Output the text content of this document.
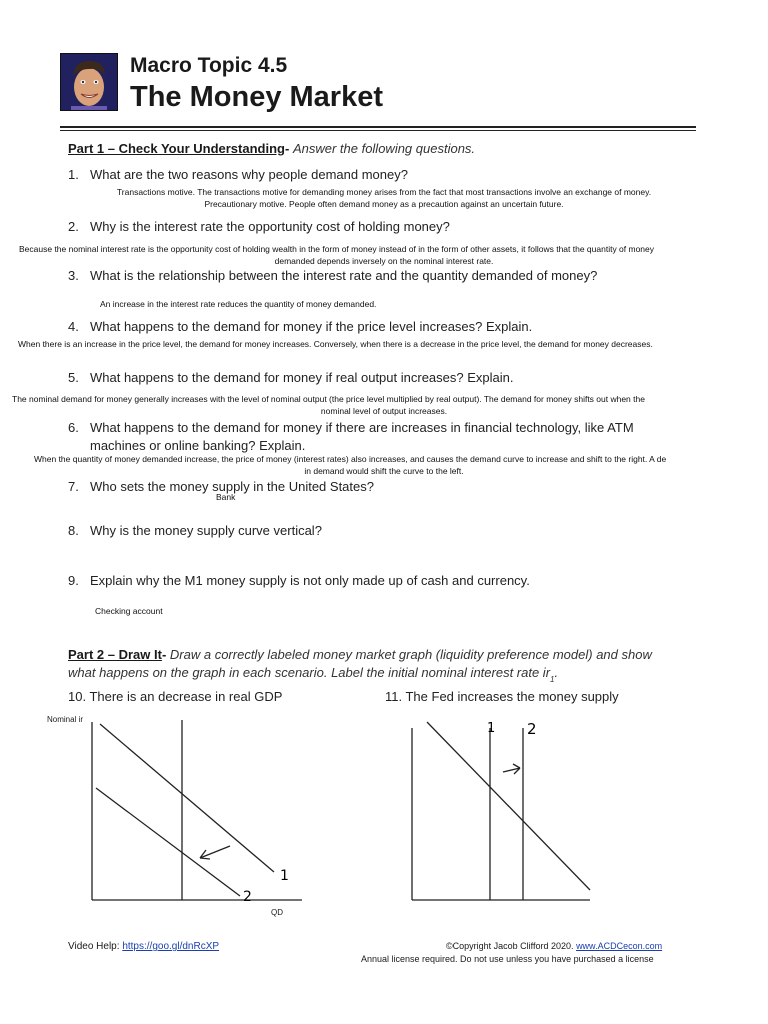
Macro Topic 4.5
The Money Market
Part 1 – Check Your Understanding- Answer the following questions.
1. What are the two reasons why people demand money?
Transactions motive. The transactions motive for demanding money arises from the fact that most transactions involve an exchange of money.
Precautionary motive. People often demand money as a precaution against an uncertain future.
2. Why is the interest rate the opportunity cost of holding money?
Because the nominal interest rate is the opportunity cost of holding wealth in the form of money instead of in the form of other assets, it follows that the quantity of money
demanded depends inversely on the nominal interest rate.
3. What is the relationship between the interest rate and the quantity demanded of money?
An increase in the interest rate reduces the quantity of money demanded.
4. What happens to the demand for money if the price level increases? Explain.
When there is an increase in the price level, the demand for money increases. Conversely, when there is a decrease in the price level, the demand for money decreases.
5. What happens to the demand for money if real output increases? Explain.
The nominal demand for money generally increases with the level of nominal output (the price level multiplied by real output). The demand for money shifts out when the
nominal level of output increases.
6. What happens to the demand for money if there are increases in financial technology, like ATM
machines or online banking? Explain.
When the quantity of money demanded increase, the price of money (interest rates) also increases, and causes the demand curve to increase and shift to the right. A de
in demand would shift the curve to the left.
7. Who sets the money supply in the United States?
Bank
8. Why is the money supply curve vertical?
9. Explain why the M1 money supply is not only made up of cash and currency.
Checking account
Part 2 – Draw It- Draw a correctly labeled money market graph (liquidity preference model) and show
what happens on the graph in each scenario. Label the initial nominal interest rate $ir_1$.
10. There is an decrease in real GDP	11. The Fed increases the money supply
Nominal ir
QD
1
2
1 2
Video Help: https://goo.gl/dnRcXP	©Copyright Jacob Clifford 2020. www.ACDCecon.com
Annual license required. Do not use unless you have purchased a license
